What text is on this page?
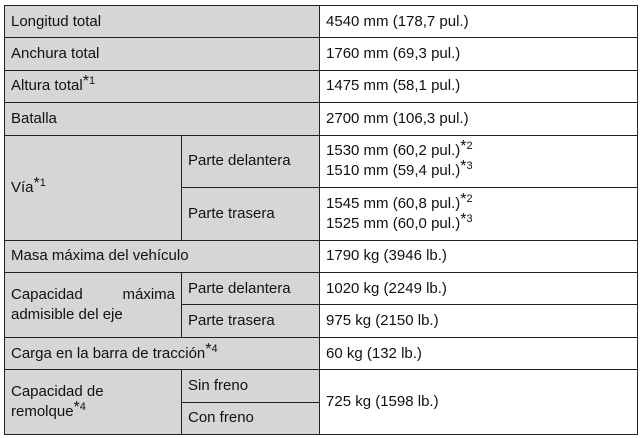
Longitud total		4540 mm (178,7 pul.)
Anchura total		1760 mm (69,3 pul.)
Altura total$^{*1}$		1475 mm (58,1 pul.)
Batalla		2700 mm (106,3 pul.)
Vía$^{*1}$	Parte delantera	1530 mm (60,2 pul.)$^{*2}$
1510 mm (59,4 pul.)$^{*3}$

	Parte trasera	1545 mm (60,8 pul.)$^{*2}$
1525 mm (60,0 pul.)$^{*3}$

Masa máxima del vehículo		1790 kg (3946 lb.)

Capacidad máxima
admisible del eje	Parte delantera	1020 kg (2249 lb.)
	Parte trasera	975 kg (2150 lb.)
Carga en la barra de tracción$^{*4}$		60 kg (132 lb.)

Capacidad de
remolque$^{*4}$	Sin freno	725 kg (1598 lb.)
	Con freno	
